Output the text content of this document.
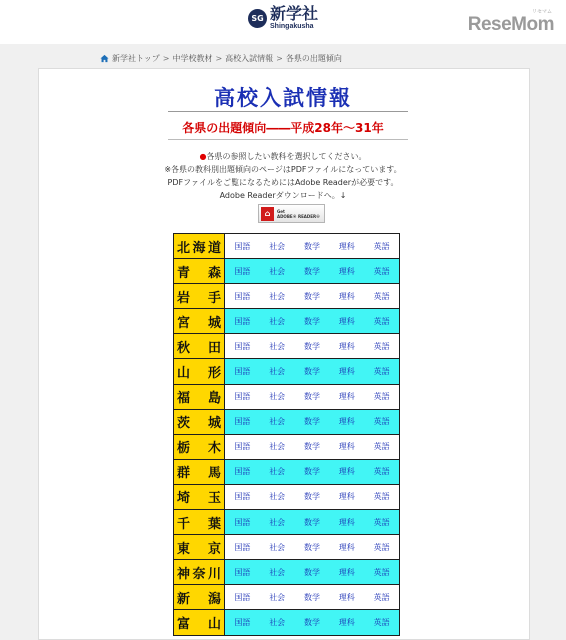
SG 新学社
Shingakusha
リセマム
ReseMom
新学社トップ > 中学校教材 > 高校入試情報 > 各県の出題傾向
高校入試情報
各県の出題傾向――平成28年～31年
●各県の参照したい教科を選択してください。
※各県の教科別出題傾向のページはPDFファイルになっています。
PDFファイルをご覧になるためにはAdobe Readerが必要です。
Adobe Readerダウンロードへ。↓
⌂	Get
ADOBE® READER®
北海道	国語 社会 数学 理科 英語

青森	国語 社会 数学 理科 英語

岩手	国語 社会 数学 理科 英語

宮城	国語 社会 数学 理科 英語

秋田	国語 社会 数学 理科 英語

山形	国語 社会 数学 理科 英語

福島	国語 社会 数学 理科 英語

茨城	国語 社会 数学 理科 英語

栃木	国語 社会 数学 理科 英語

群馬	国語 社会 数学 理科 英語

埼玉	国語 社会 数学 理科 英語

千葉	国語 社会 数学 理科 英語

東京	国語 社会 数学 理科 英語

神奈川	国語 社会 数学 理科 英語

新潟	国語 社会 数学 理科 英語

富山	国語 社会 数学 理科 英語
